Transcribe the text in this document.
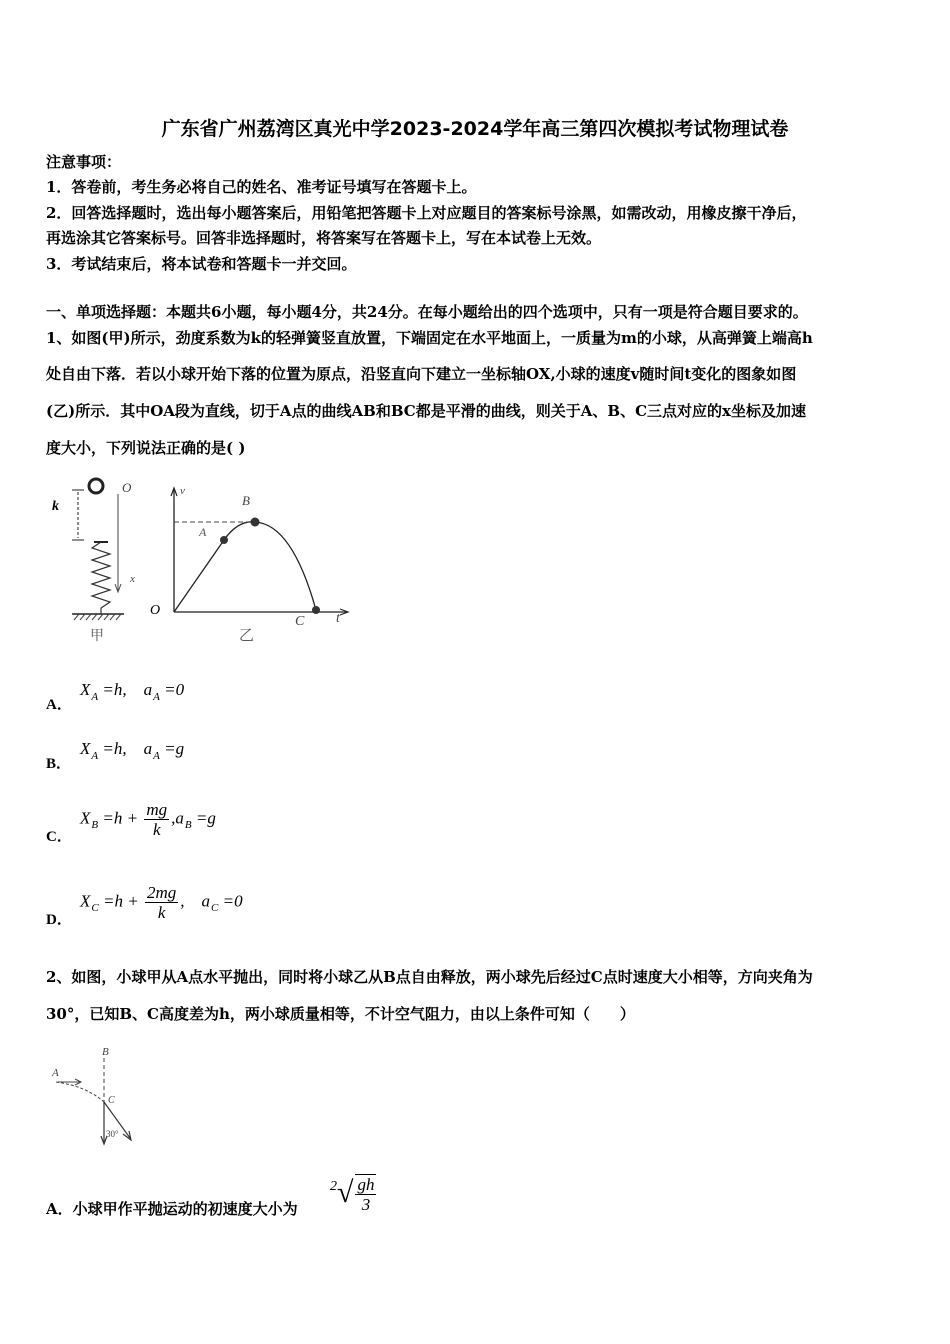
广东省广州荔湾区真光中学2023-2024学年高三第四次模拟考试物理试卷
注意事项：
1．答卷前，考生务必将自己的姓名、准考证号填写在答题卡上。
2．回答选择题时，选出每小题答案后，用铅笔把答题卡上对应题目的答案标号涂黑，如需改动，用橡皮擦干净后，
再选涂其它答案标号。回答非选择题时，将答案写在答题卡上，写在本试卷上无效。
3．考试结束后，将本试卷和答题卡一并交回。
一、单项选择题：本题共6小题，每小题4分，共24分。在每小题给出的四个选项中，只有一项是符合题目要求的。
1、如图(甲)所示，劲度系数为k的轻弹簧竖直放置，下端固定在水平地面上，一质量为m的小球，从高弹簧上端高h
处自由下落．若以小球开始下落的位置为原点，沿竖直向下建立一坐标轴OX,小球的速度v随时间t变化的图象如图
(乙)所示．其中OA段为直线，切于A点的曲线AB和BC都是平滑的曲线，则关于A、B、C三点对应的x坐标及加速
度大小，下列说法正确的是( )
k
甲
O
x
v
t
O
B
A
C
乙
A．
$X_A =h$, $a_A =0$
B．
$X_A =h$, $a_A =g$
C．
$X_B =h + \frac{mg}{k} ,a_B =g$
D．
$X_C =h + \frac{2mg}{k}$ , $a_C =0$
2、如图，小球甲从A点水平抛出，同时将小球乙从B点自由释放，两小球先后经过C点时速度大小相等，方向夹角为
30°，已知B、C高度差为h，两小球质量相等，不计空气阻力，由以上条件可知（　　）
B
A
C
30°
A．小球甲作平抛运动的初速度大小为
$^2√ \frac{gh}{3}$
